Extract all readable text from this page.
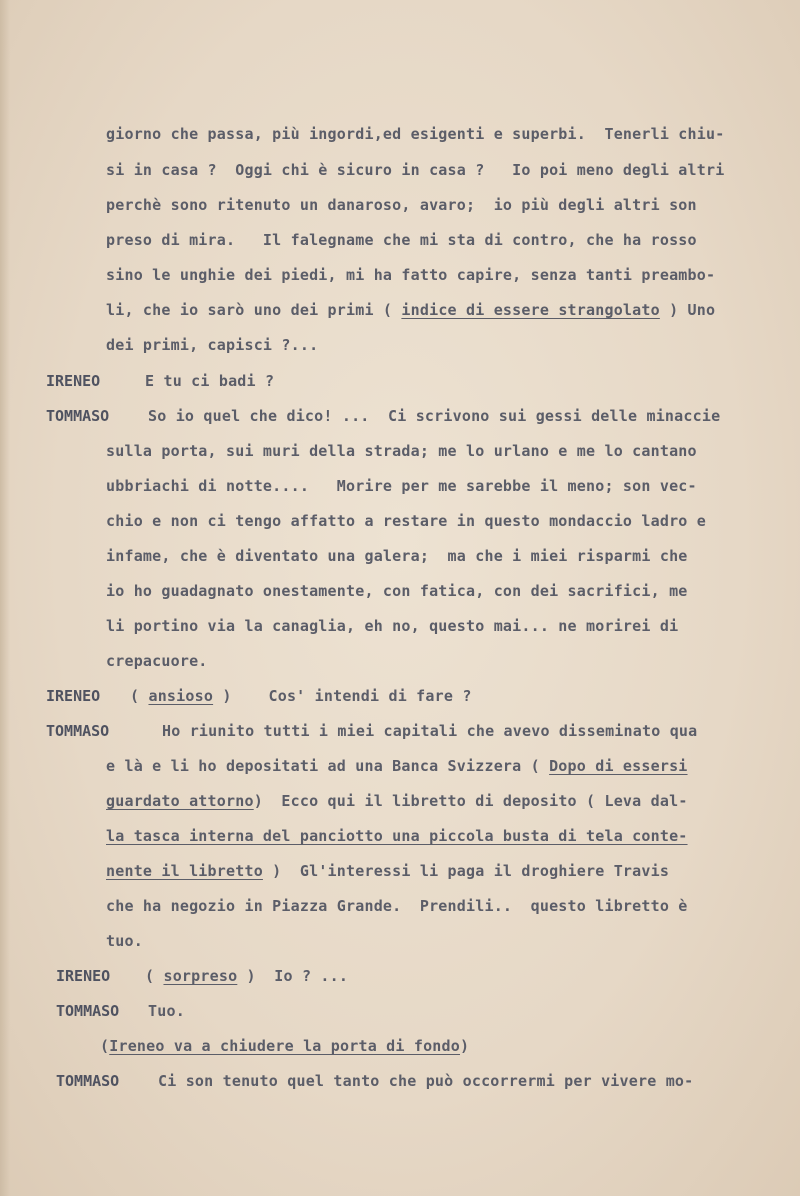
giorno che passa, più ingordi,ed esigenti e superbi.  Tenerli chiu-
si in casa ?  Oggi chi è sicuro in casa ?   Io poi meno degli altri
perchè sono ritenuto un danaroso, avaro;  io più degli altri son
preso di mira.   Il falegname che mi sta di contro, che ha rosso
sino le unghie dei piedi, mi ha fatto capire, senza tanti preambo-
li, che io sarò uno dei primi ( indice di essere strangolato ) Uno
dei primi, capisci ?...
IRENEO	E tu ci badi ?
TOMMASO	So io quel che dico! ...  Ci scrivono sui gessi delle minaccie
sulla porta, sui muri della strada; me lo urlano e me lo cantano
ubbriachi di notte....   Morire per me sarebbe il meno; son vec-
chio e non ci tengo affatto a restare in questo mondaccio ladro e
infame, che è diventato una galera;  ma che i miei risparmi che
io ho guadagnato onestamente, con fatica, con dei sacrifici, me
li portino via la canaglia, eh no, questo mai... ne morirei di
crepacuore.
IRENEO ( ansioso )    Cos' intendi di fare ?
TOMMASO	Ho riunito tutti i miei capitali che avevo disseminato qua
e là e li ho depositati ad una Banca Svizzera ( Dopo di essersi
guardato attorno)  Ecco qui il libretto di deposito ( Leva dal-
la tasca interna del panciotto una piccola busta di tela conte-
nente il libretto )  Gl'interessi li paga il droghiere Travis
che ha negozio in Piazza Grande.  Prendili..  questo libretto è
tuo.
IRENEO ( sorpreso )  Io ? ...
TOMMASO Tuo.
(Ireneo va a chiudere la porta di fondo)
TOMMASO	Ci son tenuto quel tanto che può occorrermi per vivere mo-
